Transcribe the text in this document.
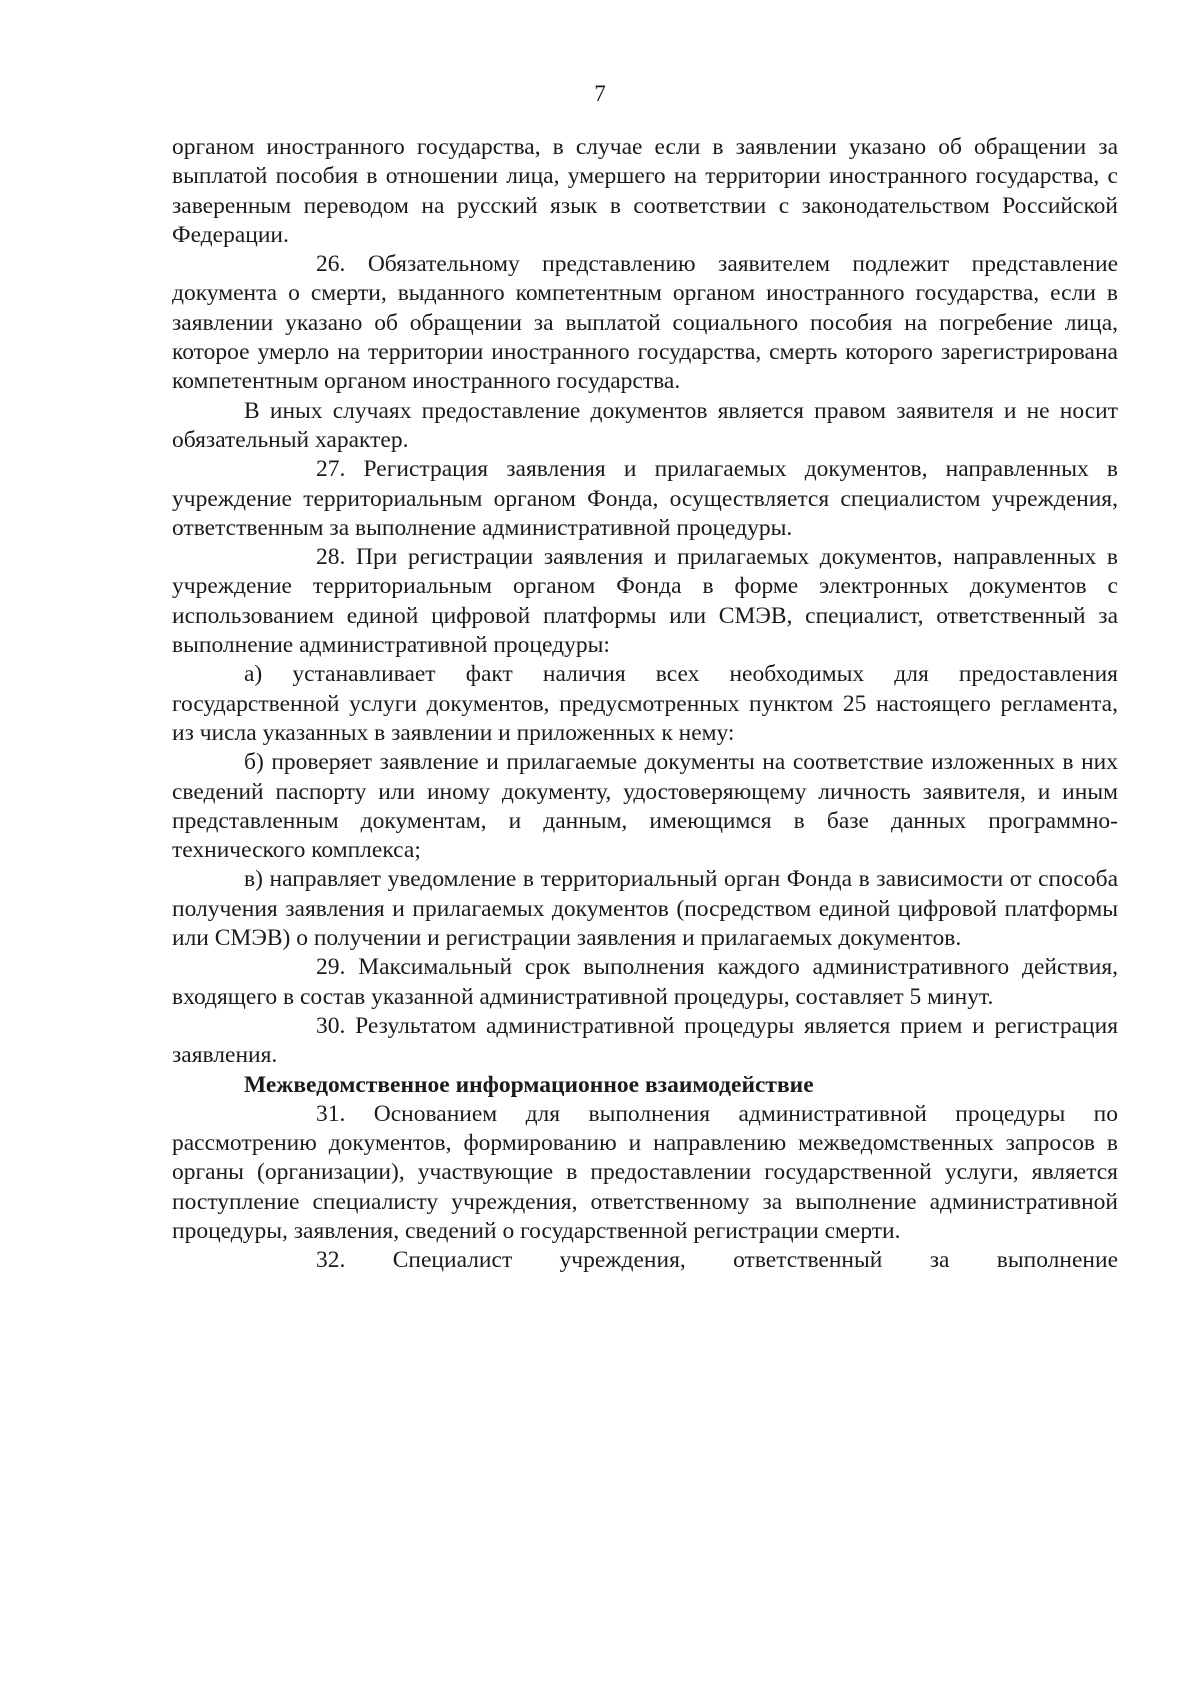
7

органом иностранного государства, в случае если в заявлении указано об обращении за выплатой пособия в отношении лица, умершего на территории иностранного государства, с заверенным переводом на русский язык в соответствии с законодательством Российской Федерации.

26. Обязательному представлению заявителем подлежит представление документа о смерти, выданного компетентным органом иностранного государства, если в заявлении указано об обращении за выплатой социального пособия на погребение лица, которое умерло на территории иностранного государства, смерть которого зарегистрирована компетентным органом иностранного государства.

В иных случаях предоставление документов является правом заявителя и не носит обязательный характер.

27. Регистрация заявления и прилагаемых документов, направленных в учреждение территориальным органом Фонда, осуществляется специалистом учреждения, ответственным за выполнение административной процедуры.

28. При регистрации заявления и прилагаемых документов, направленных в учреждение территориальным органом Фонда в форме электронных документов с использованием единой цифровой платформы или СМЭВ, специалист, ответственный за выполнение административной процедуры:

а) устанавливает факт наличия всех необходимых для предоставления государственной услуги документов, предусмотренных пунктом 25 настоящего регламента, из числа указанных в заявлении и приложенных к нему:

б) проверяет заявление и прилагаемые документы на соответствие изложенных в них сведений паспорту или иному документу, удостоверяющему личность заявителя, и иным представленным документам, и данным, имеющимся в базе данных программно-технического комплекса;

в) направляет уведомление в территориальный орган Фонда в зависимости от способа получения заявления и прилагаемых документов (посредством единой цифровой платформы или СМЭВ) о получении и регистрации заявления и прилагаемых документов.

29. Максимальный срок выполнения каждого административного действия, входящего в состав указанной административной процедуры, составляет 5 минут.

30. Результатом административной процедуры является прием и регистрация заявления.

Межведомственное информационное взаимодействие

31. Основанием для выполнения административной процедуры по рассмотрению документов, формированию и направлению межведомственных запросов в органы (организации), участвующие в предоставлении государственной услуги, является поступление специалисту учреждения, ответственному за выполнение административной процедуры, заявления, сведений о государственной регистрации смерти.

32. Специалист учреждения, ответственный за выполнение
